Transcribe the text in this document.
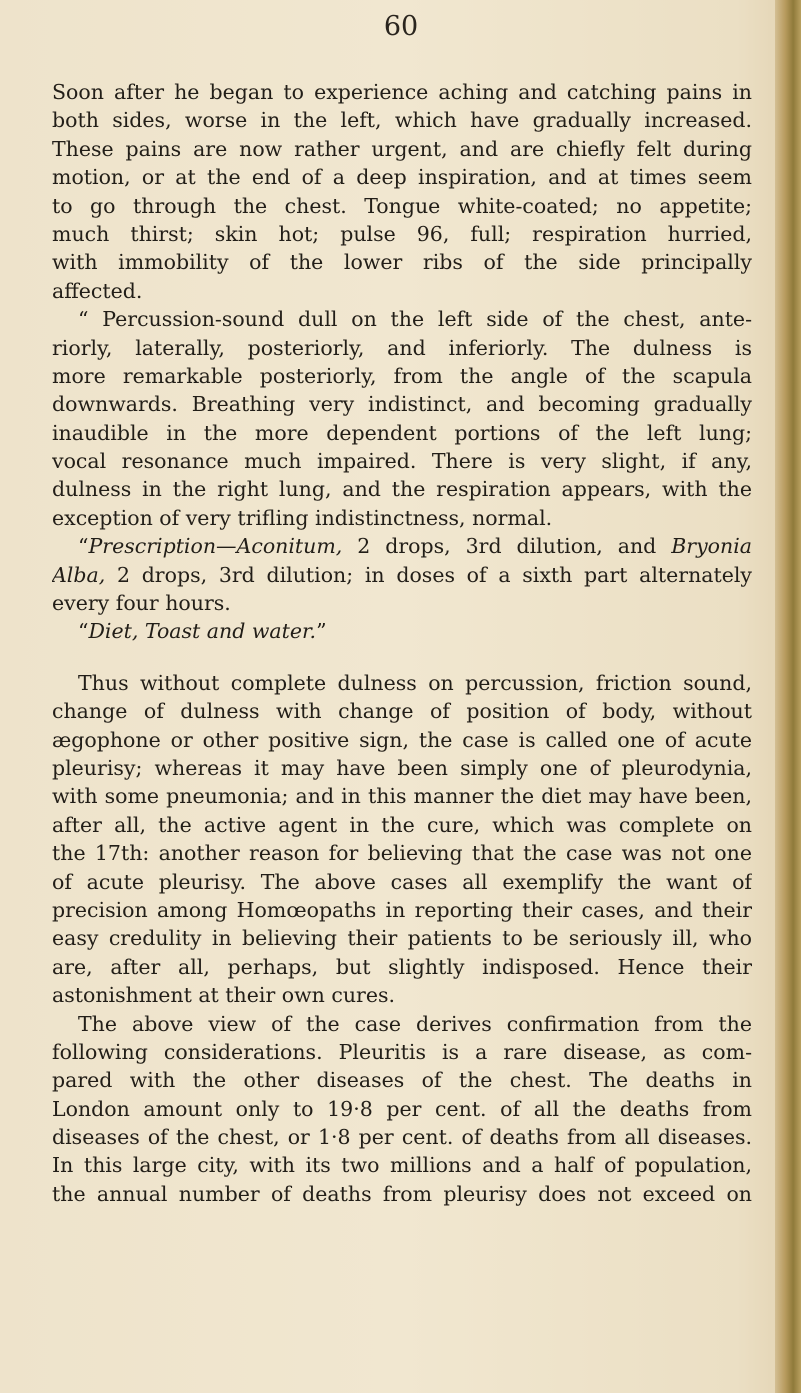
60
Soon after he began to experience aching and catching pains in
both sides, worse in the left, which have gradually increased.
These pains are now rather urgent, and are chiefly felt during
motion, or at the end of a deep inspiration, and at times seem
to go through the chest. Tongue white-coated; no appetite;
much thirst; skin hot; pulse 96, full; respiration hurried,
with immobility of the lower ribs of the side principally
affected.
“ Percussion-sound dull on the left side of the chest, ante-
riorly, laterally, posteriorly, and inferiorly. The dulness is
more remarkable posteriorly, from the angle of the scapula
downwards. Breathing very indistinct, and becoming gradually
inaudible in the more dependent portions of the left lung;
vocal resonance much impaired. There is very slight, if any,
dulness in the right lung, and the respiration appears, with the
exception of very trifling indistinctness, normal.
“Prescription—Aconitum, 2 drops, 3rd dilution, and Bryonia
Alba, 2 drops, 3rd dilution; in doses of a sixth part alternately
every four hours.
“Diet, Toast and water.”
Thus without complete dulness on percussion, friction sound,
change of dulness with change of position of body, without
ægophone or other positive sign, the case is called one of acute
pleurisy; whereas it may have been simply one of pleurodynia,
with some pneumonia; and in this manner the diet may have been,
after all, the active agent in the cure, which was complete on
the 17th: another reason for believing that the case was not one
of acute pleurisy. The above cases all exemplify the want of
precision among Homœopaths in reporting their cases, and their
easy credulity in believing their patients to be seriously ill, who
are, after all, perhaps, but slightly indisposed. Hence their
astonishment at their own cures.
The above view of the case derives confirmation from the
following considerations. Pleuritis is a rare disease, as com-
pared with the other diseases of the chest. The deaths in
London amount only to 19·8 per cent. of all the deaths from
diseases of the chest, or 1·8 per cent. of deaths from all diseases.
In this large city, with its two millions and a half of population,
the annual number of deaths from pleurisy does not exceed on
